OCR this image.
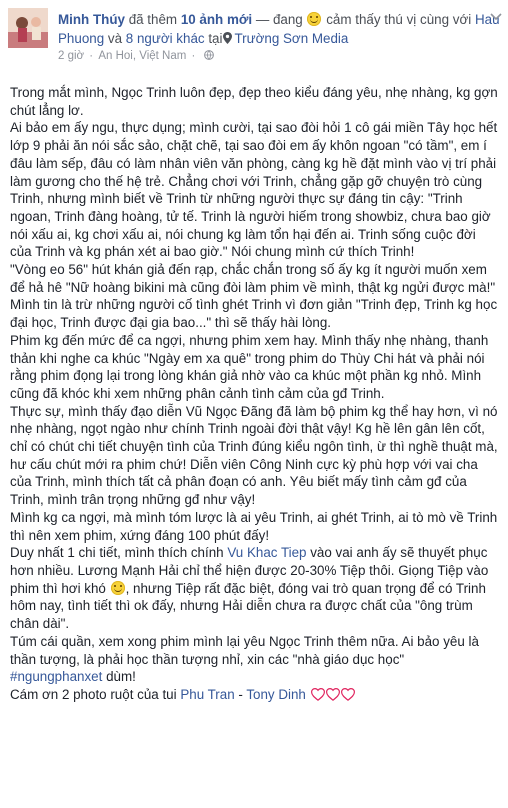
Minh Thúy đã thêm 10 ảnh mới — đang cảm thấy thú vị cùng với Hau Phuong và 8 người khác tại Trường Sơn Media
2 giờ · An Hoi, Việt Nam ·

Trong mắt mình, Ngọc Trinh luôn đẹp, đẹp theo kiểu đáng yêu, nhẹ nhàng, kg gợn chút lẳng lơ.

Ai bảo em ấy ngu, thực dụng; mình cười, tại sao đòi hỏi 1 cô gái miền Tây học hết lớp 9 phải ăn nói sắc sảo, chặt chẽ, tại sao đòi em ấy khôn ngoan "có tầm", em í đâu làm sếp, đâu có làm nhân viên văn phòng, càng kg hề đặt mình vào vị trí phải làm gương cho thế hệ trẻ. Chẳng chơi với Trinh, chẳng gặp gỡ chuyện trò cùng Trinh, nhưng mình biết về Trinh từ những người thực sự đáng tin cậy: "Trinh ngoan, Trinh đàng hoàng, tử tế. Trinh là người hiếm trong showbiz, chưa bao giờ nói xấu ai, kg chơi xấu ai, nói chung kg làm tổn hại đến ai. Trinh sống cuộc đời của Trinh và kg phán xét ai bao giờ." Nói chung mình cứ thích Trinh!

"Vòng eo 56" hút khán giả đến rạp, chắc chắn trong số ấy kg ít người muốn xem để hả hê "Nữ hoàng bikini mà cũng đòi làm phim về mình, thật kg ngửi được mà!" Mình tin là trừ những người cố tình ghét Trinh vì đơn giản "Trinh đẹp, Trinh kg học đại học, Trinh được đại gia bao..." thì sẽ thấy hài lòng.

Phim kg đến mức để ca ngợi, nhưng phim xem hay. Mình thấy nhẹ nhàng, thanh thản khi nghe ca khúc "Ngày em xa quê" trong phim do Thùy Chi hát và phải nói rằng phim đọng lại trong lòng khán giả nhờ vào ca khúc một phần kg nhỏ. Mình cũng đã khóc khi xem những phân cảnh tình cảm của gđ Trinh.

Thực sự, mình thấy đạo diễn Vũ Ngọc Đãng đã làm bộ phim kg thể hay hơn, vì nó nhẹ nhàng, ngọt ngào như chính Trinh ngoài đời thật vậy! Kg hề lên gân lên cốt, chỉ có chút chi tiết chuyện tình của Trinh đúng kiểu ngôn tình, ừ thì nghề thuật mà, hư cấu chút mới ra phim chứ! Diễn viên Công Ninh cực kỳ phù hợp với vai cha của Trinh, mình thích tất cả phân đoạn có anh. Yêu biết mấy tình cảm gđ của Trinh, mình trân trọng những gđ như vậy!

Mình kg ca ngợi, mà mình tóm lược là ai yêu Trinh, ai ghét Trinh, ai tò mò về Trinh thì nên xem phim, xứng đáng 100 phút đấy!

Duy nhất 1 chi tiết, mình thích chính Vu Khac Tiep vào vai anh ấy sẽ thuyết phục hơn nhiều. Lương Mạnh Hải chỉ thể hiện được 20-30% Tiệp thôi. Giọng Tiệp vào phim thì hơi khó , nhưng Tiệp rất đặc biệt, đóng vai trò quan trọng để có Trinh hôm nay, tình tiết thì ok đấy, nhưng Hải diễn chưa ra được chất của "ông trùm chân dài".

Túm cái quần, xem xong phim mình lại yêu Ngọc Trinh thêm nữa. Ai bảo yêu là thần tượng, là phải học thần tượng nhỉ, xin các "nhà giáo dục học" #ngungphanxet dùm!

Cám ơn 2 photo ruột của tui Phu Tran - Tony Dinh
